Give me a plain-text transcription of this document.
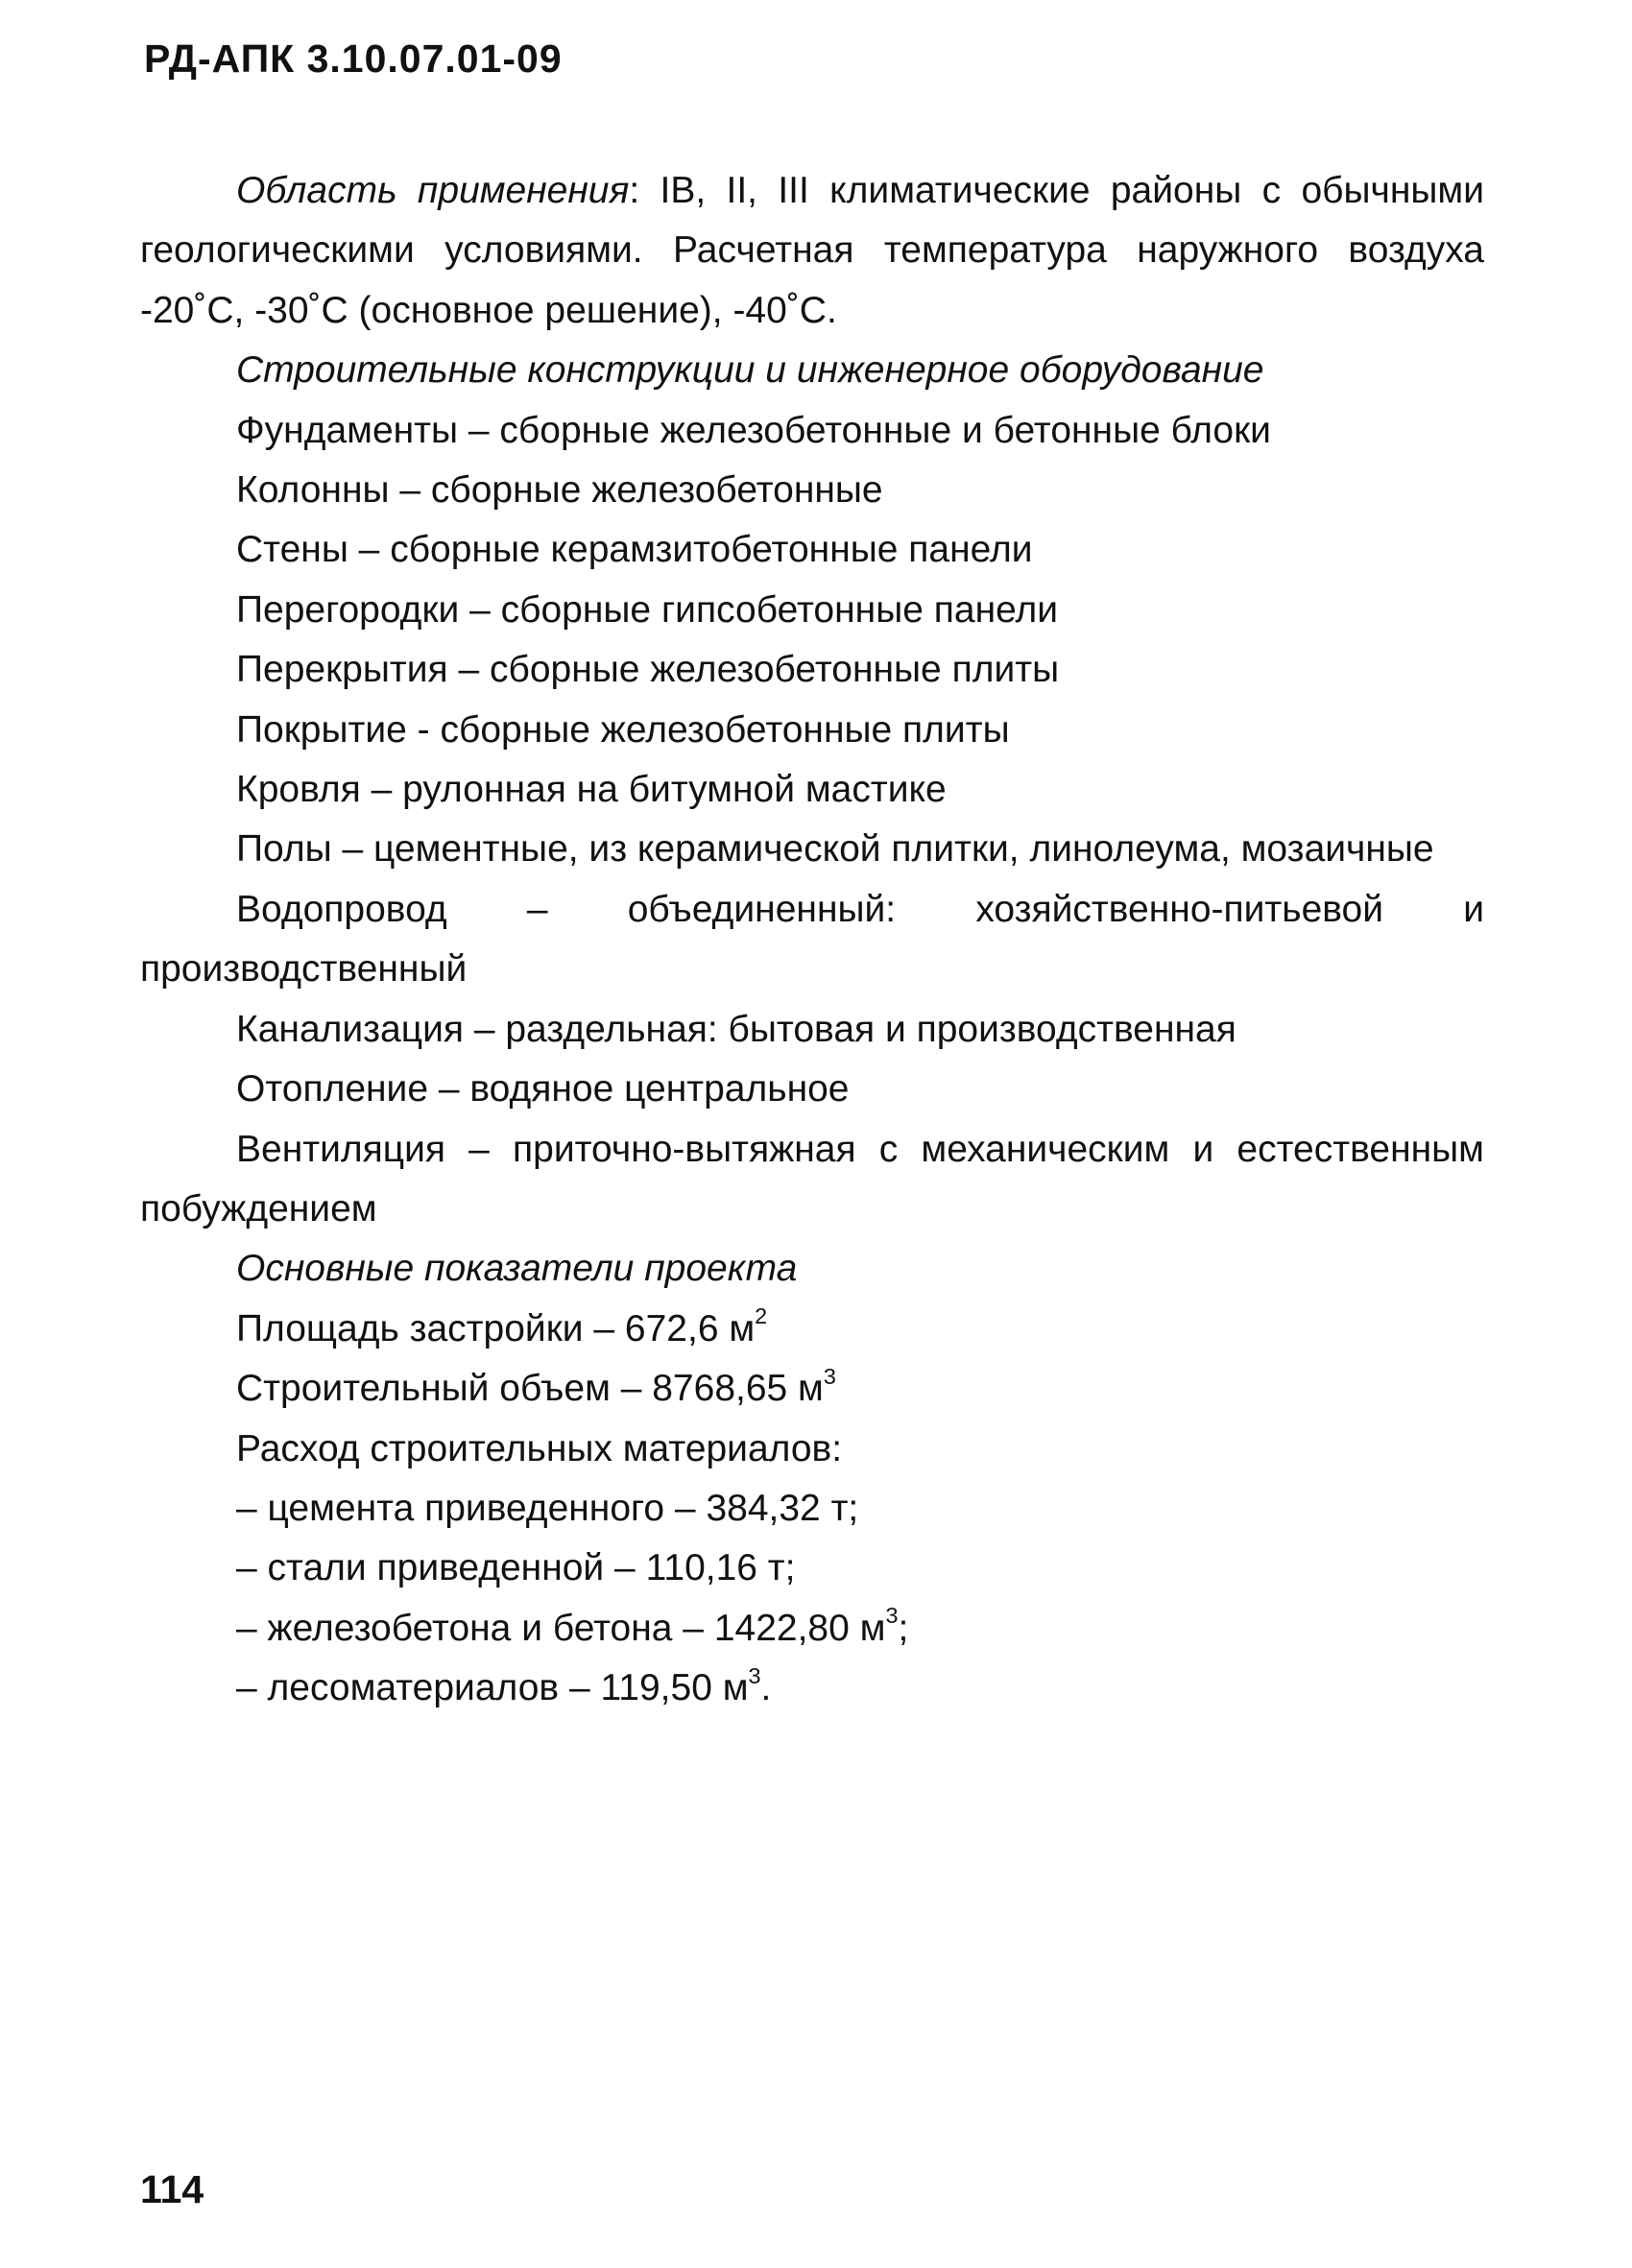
РД-АПК 3.10.07.01-09

Область применения: IB, II, III климатические районы с обычными геологическими условиями. Расчетная температура наружного воздуха -20˚С, -30˚С (основное решение), -40˚С.

Строительные конструкции и инженерное оборудование

Фундаменты – сборные железобетонные и бетонные блоки

Колонны – сборные железобетонные

Стены – сборные керамзитобетонные панели

Перегородки – сборные гипсобетонные панели

Перекрытия – сборные железобетонные плиты

Покрытие - сборные железобетонные плиты

Кровля – рулонная на битумной мастике

Полы – цементные, из керамической плитки, линолеума, мозаичные

Водопровод – объединенный: хозяйственно-питьевой и производственный

Канализация – раздельная: бытовая и производственная

Отопление – водяное центральное

Вентиляция – приточно-вытяжная с механическим и естественным побуждением

Основные показатели проекта

Площадь застройки – 672,6 $м^2$

Строительный объем – 8768,65 $м^3$

Расход строительных материалов:

– цемента приведенного – 384,32 т;

– стали приведенной – 110,16 т;

– железобетона и бетона – 1422,80 $м^3$;

– лесоматериалов – 119,50 $м^3$.

114
